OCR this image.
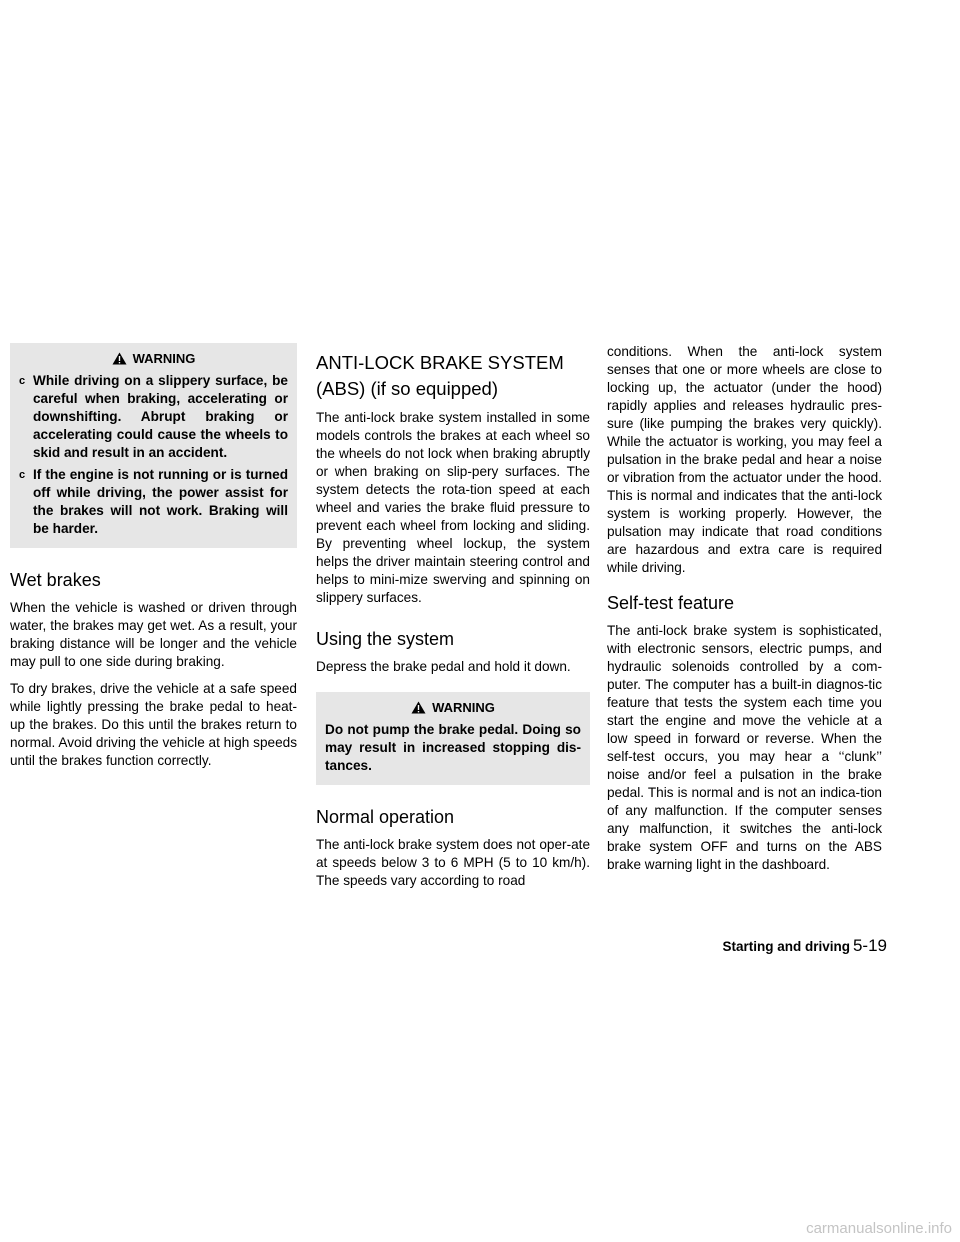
WARNING
c While driving on a slippery surface, be careful when braking, accelerating or downshifting. Abrupt braking or accelerating could cause the wheels to skid and result in an accident.
c If the engine is not running or is turned off while driving, the power assist for the brakes will not work. Braking will be harder.
Wet brakes

When the vehicle is washed or driven through water, the brakes may get wet. As a result, your braking distance will be longer and the vehicle may pull to one side during braking.

To dry brakes, drive the vehicle at a safe speed while lightly pressing the brake pedal to heat-up the brakes. Do this until the brakes return to normal. Avoid driving the vehicle at high speeds until the brakes function correctly.

ANTI-LOCK BRAKE SYSTEM
(ABS) (if so equipped)

The anti-lock brake system installed in some models controls the brakes at each wheel so the wheels do not lock when braking abruptly or when braking on slip-pery surfaces. The system detects the rota-tion speed at each wheel and varies the brake fluid pressure to prevent each wheel from locking and sliding. By preventing wheel lockup, the system helps the driver maintain steering control and helps to mini-mize swerving and spinning on slippery surfaces.

Using the system

Depress the brake pedal and hold it down.

WARNING
Do not pump the brake pedal. Doing so may result in increased stopping dis-tances.
Normal operation

The anti-lock brake system does not oper-ate at speeds below 3 to 6 MPH (5 to 10 km/h). The speeds vary according to road

conditions. When the anti-lock system senses that one or more wheels are close to locking up, the actuator (under the hood) rapidly applies and releases hydraulic pres-sure (like pumping the brakes very quickly). While the actuator is working, you may feel a pulsation in the brake pedal and hear a noise or vibration from the actuator under the hood. This is normal and indicates that the anti-lock system is working properly. However, the pulsation may indicate that road conditions are hazardous and extra care is required while driving.

Self-test feature

The anti-lock brake system is sophisticated, with electronic sensors, electric pumps, and hydraulic solenoids controlled by a com-puter. The computer has a built-in diagnos-tic feature that tests the system each time you start the engine and move the vehicle at a low speed in forward or reverse. When the self-test occurs, you may hear a ‘‘clunk’’ noise and/or feel a pulsation in the brake pedal. This is normal and is not an indica-tion of any malfunction. If the computer senses any malfunction, it switches the anti-lock brake system OFF and turns on the ABS brake warning light in the dashboard.

Starting and driving 5-19
carmanualsonline.info
